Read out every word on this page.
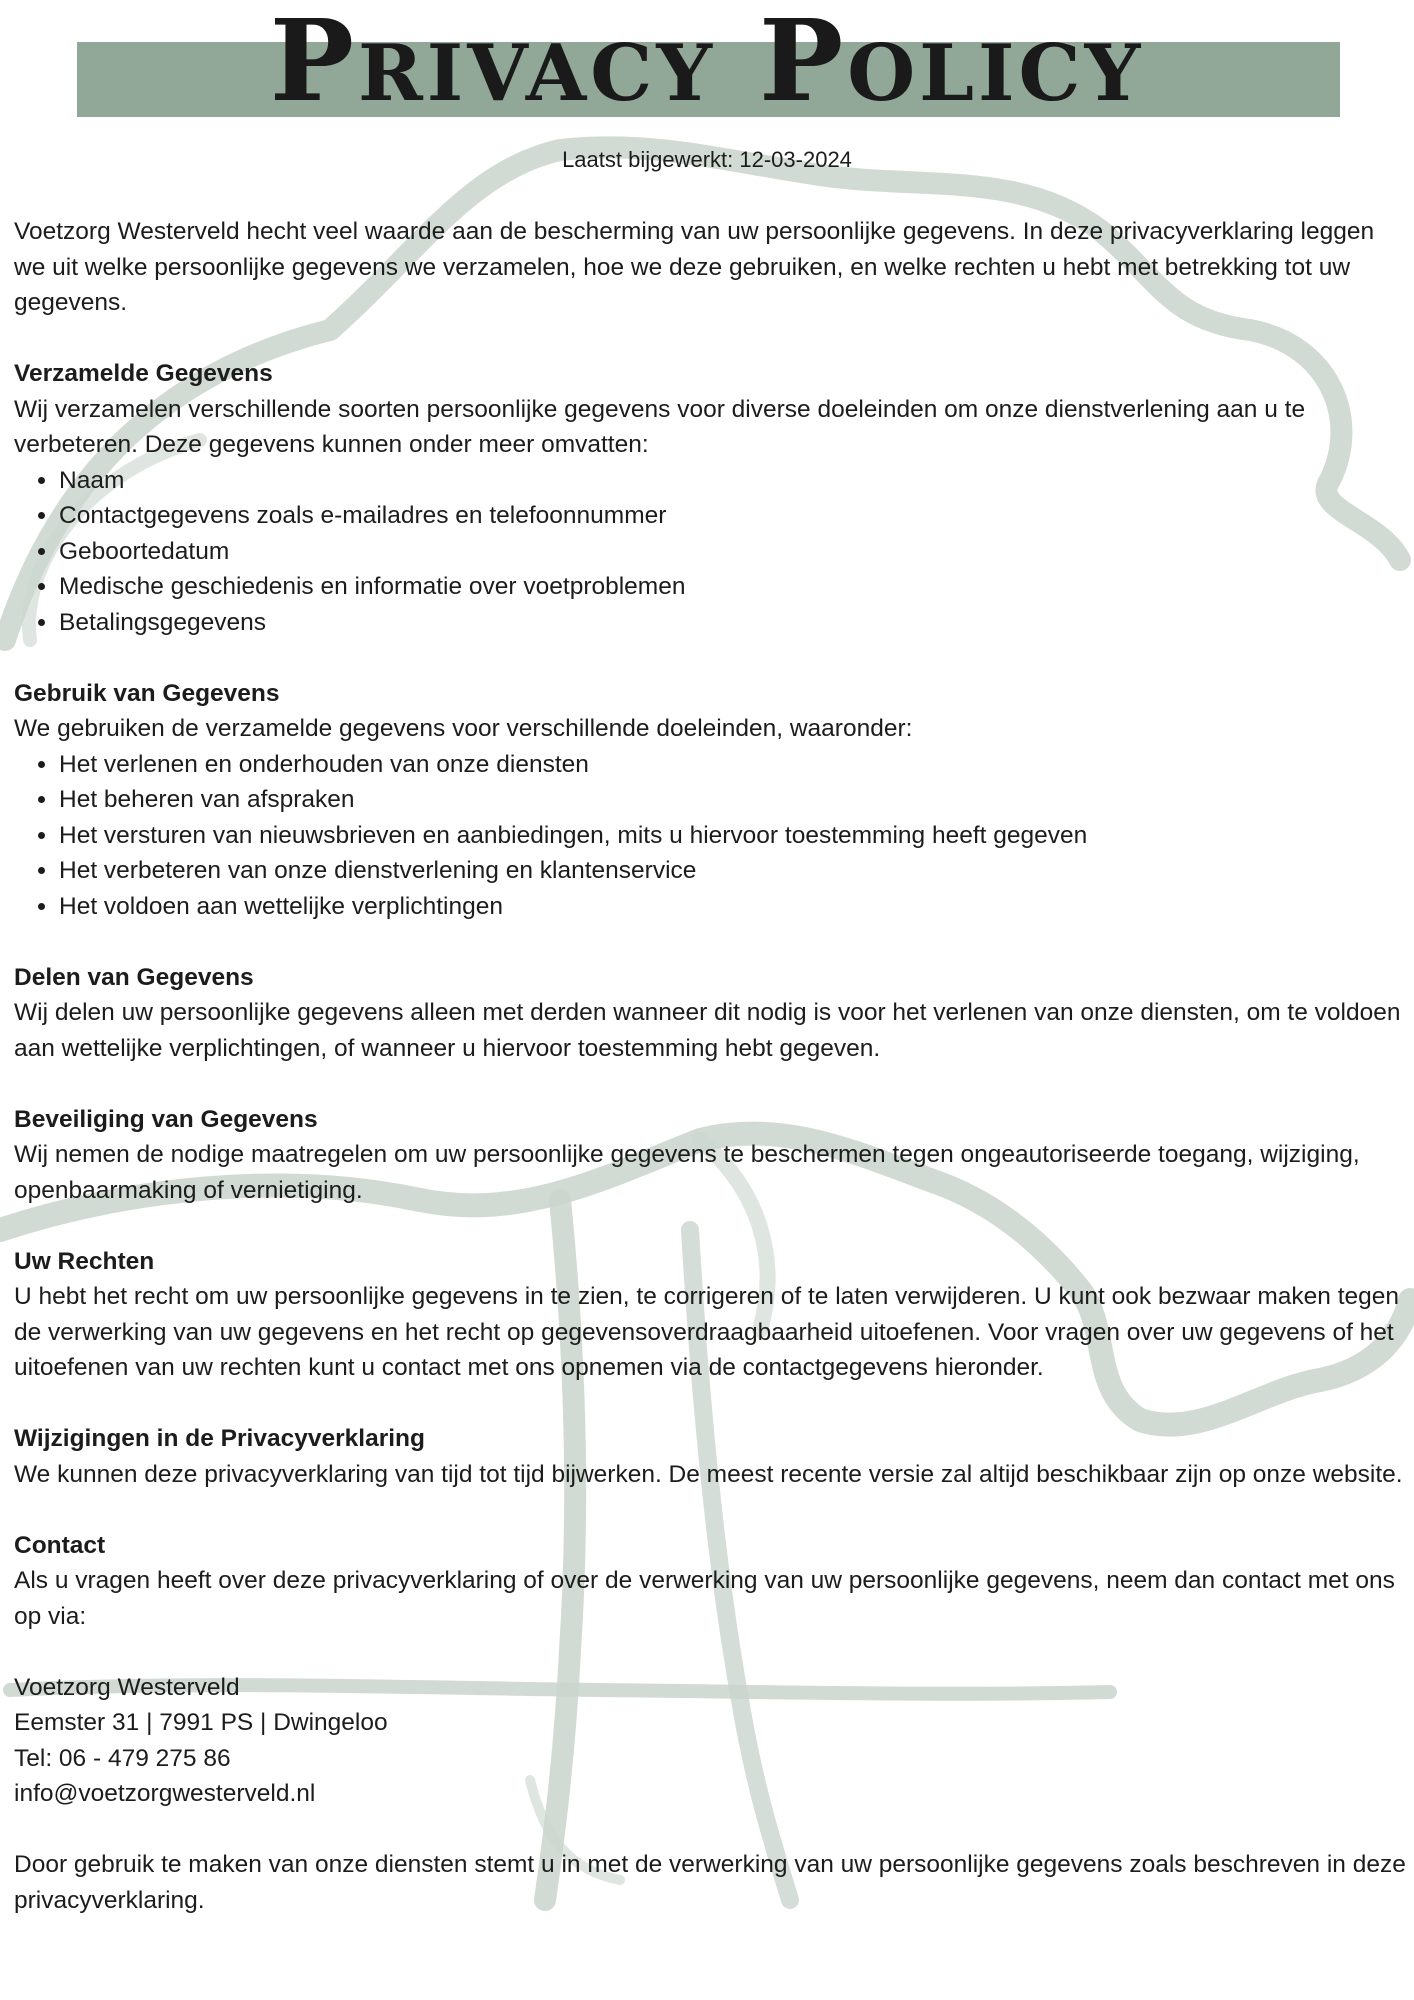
Privacy Policy
Laatst bijgewerkt: 12-03-2024

Voetzorg Westerveld hecht veel waarde aan de bescherming van uw persoonlijke gegevens. In deze privacyverklaring leggen we uit welke persoonlijke gegevens we verzamelen, hoe we deze gebruiken, en welke rechten u hebt met betrekking tot uw gegevens.

Verzamelde Gegevens

Wij verzamelen verschillende soorten persoonlijke gegevens voor diverse doeleinden om onze dienstverlening aan u te verbeteren. Deze gegevens kunnen onder meer omvatten:

• Naam
• Contactgegevens zoals e-mailadres en telefoonnummer
• Geboortedatum
• Medische geschiedenis en informatie over voetproblemen
• Betalingsgegevens

Gebruik van Gegevens

We gebruiken de verzamelde gegevens voor verschillende doeleinden, waaronder:

• Het verlenen en onderhouden van onze diensten
• Het beheren van afspraken
• Het versturen van nieuwsbrieven en aanbiedingen, mits u hiervoor toestemming heeft gegeven
• Het verbeteren van onze dienstverlening en klantenservice
• Het voldoen aan wettelijke verplichtingen

Delen van Gegevens

Wij delen uw persoonlijke gegevens alleen met derden wanneer dit nodig is voor het verlenen van onze diensten, om te voldoen aan wettelijke verplichtingen, of wanneer u hiervoor toestemming hebt gegeven.

Beveiliging van Gegevens

Wij nemen de nodige maatregelen om uw persoonlijke gegevens te beschermen tegen ongeautoriseerde toegang, wijziging, openbaarmaking of vernietiging.

Uw Rechten

U hebt het recht om uw persoonlijke gegevens in te zien, te corrigeren of te laten verwijderen. U kunt ook bezwaar maken tegen de verwerking van uw gegevens en het recht op gegevensoverdraagbaarheid uitoefenen. Voor vragen over uw gegevens of het uitoefenen van uw rechten kunt u contact met ons opnemen via de contactgegevens hieronder.

Wijzigingen in de Privacyverklaring

We kunnen deze privacyverklaring van tijd tot tijd bijwerken. De meest recente versie zal altijd beschikbaar zijn op onze website.

Contact

Als u vragen heeft over deze privacyverklaring of over de verwerking van uw persoonlijke gegevens, neem dan contact met ons op via:

Voetzorg Westerveld

Eemster 31 | 7991 PS | Dwingeloo

Tel: 06 - 479 275 86

info@voetzorgwesterveld.nl

Door gebruik te maken van onze diensten stemt u in met de verwerking van uw persoonlijke gegevens zoals beschreven in deze privacyverklaring.
